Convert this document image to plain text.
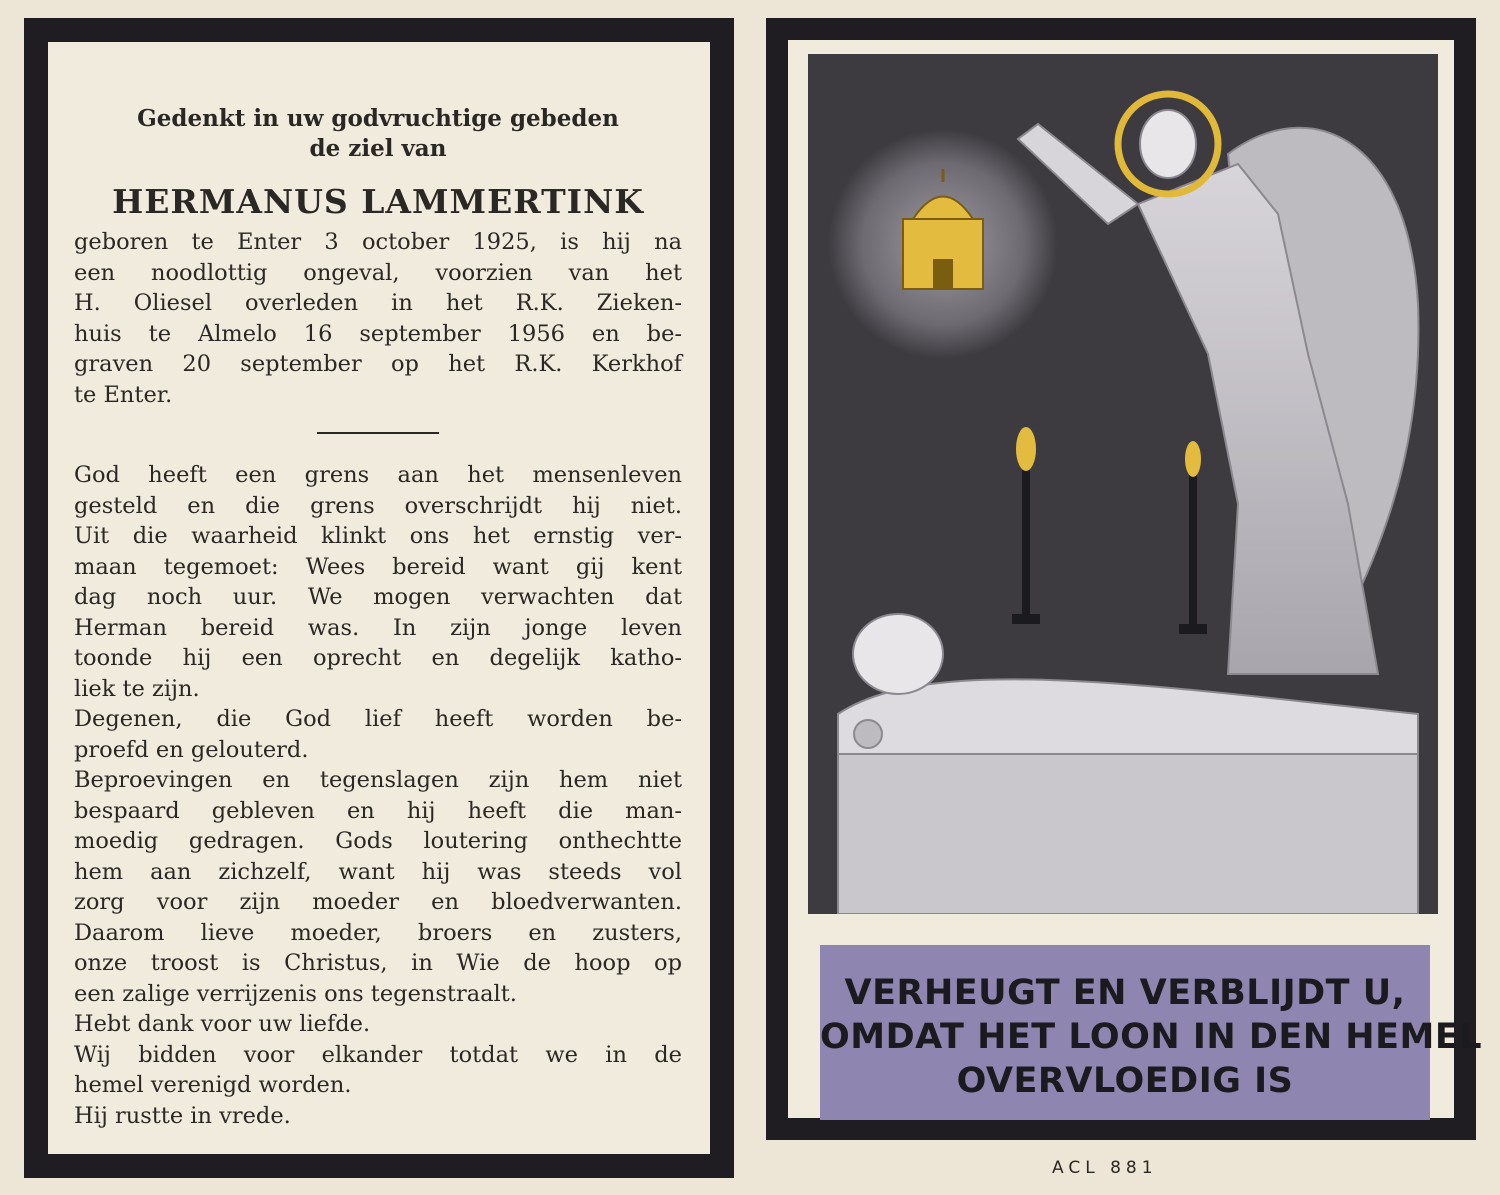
Gedenkt in uw godvruchtige gebeden

de ziel van

HERMANUS LAMMERTINK
geboren te Enter 3 october 1925, is hij na
een noodlottig ongeval, voorzien van het
H. Oliesel overleden in het R.K. Zieken-
huis te Almelo 16 september 1956 en be-
graven 20 september op het R.K. Kerkhof
te Enter.
God heeft een grens aan het mensenleven
gesteld en die grens overschrijdt hij niet.
Uit die waarheid klinkt ons het ernstig ver-
maan tegemoet: Wees bereid want gij kent
dag noch uur. We mogen verwachten dat
Herman bereid was. In zijn jonge leven
toonde hij een oprecht en degelijk katho-
liek te zijn.
Degenen, die God lief heeft worden be-
proefd en gelouterd.
Beproevingen en tegenslagen zijn hem niet
bespaard gebleven en hij heeft die man-
moedig gedragen. Gods loutering onthechtte
hem aan zichzelf, want hij was steeds vol
zorg voor zijn moeder en bloedverwanten.
Daarom lieve moeder, broers en zusters,
onze troost is Christus, in Wie de hoop op
een zalige verrijzenis ons tegenstraalt.
Hebt dank voor uw liefde.
Wij bidden voor elkander totdat we in de
hemel verenigd worden.
Hij rustte in vrede.
VERHEUGT EN VERBLIJDT U,
OMDAT HET LOON IN DEN HEMEL
OVERVLOEDIG IS
ACL 881
